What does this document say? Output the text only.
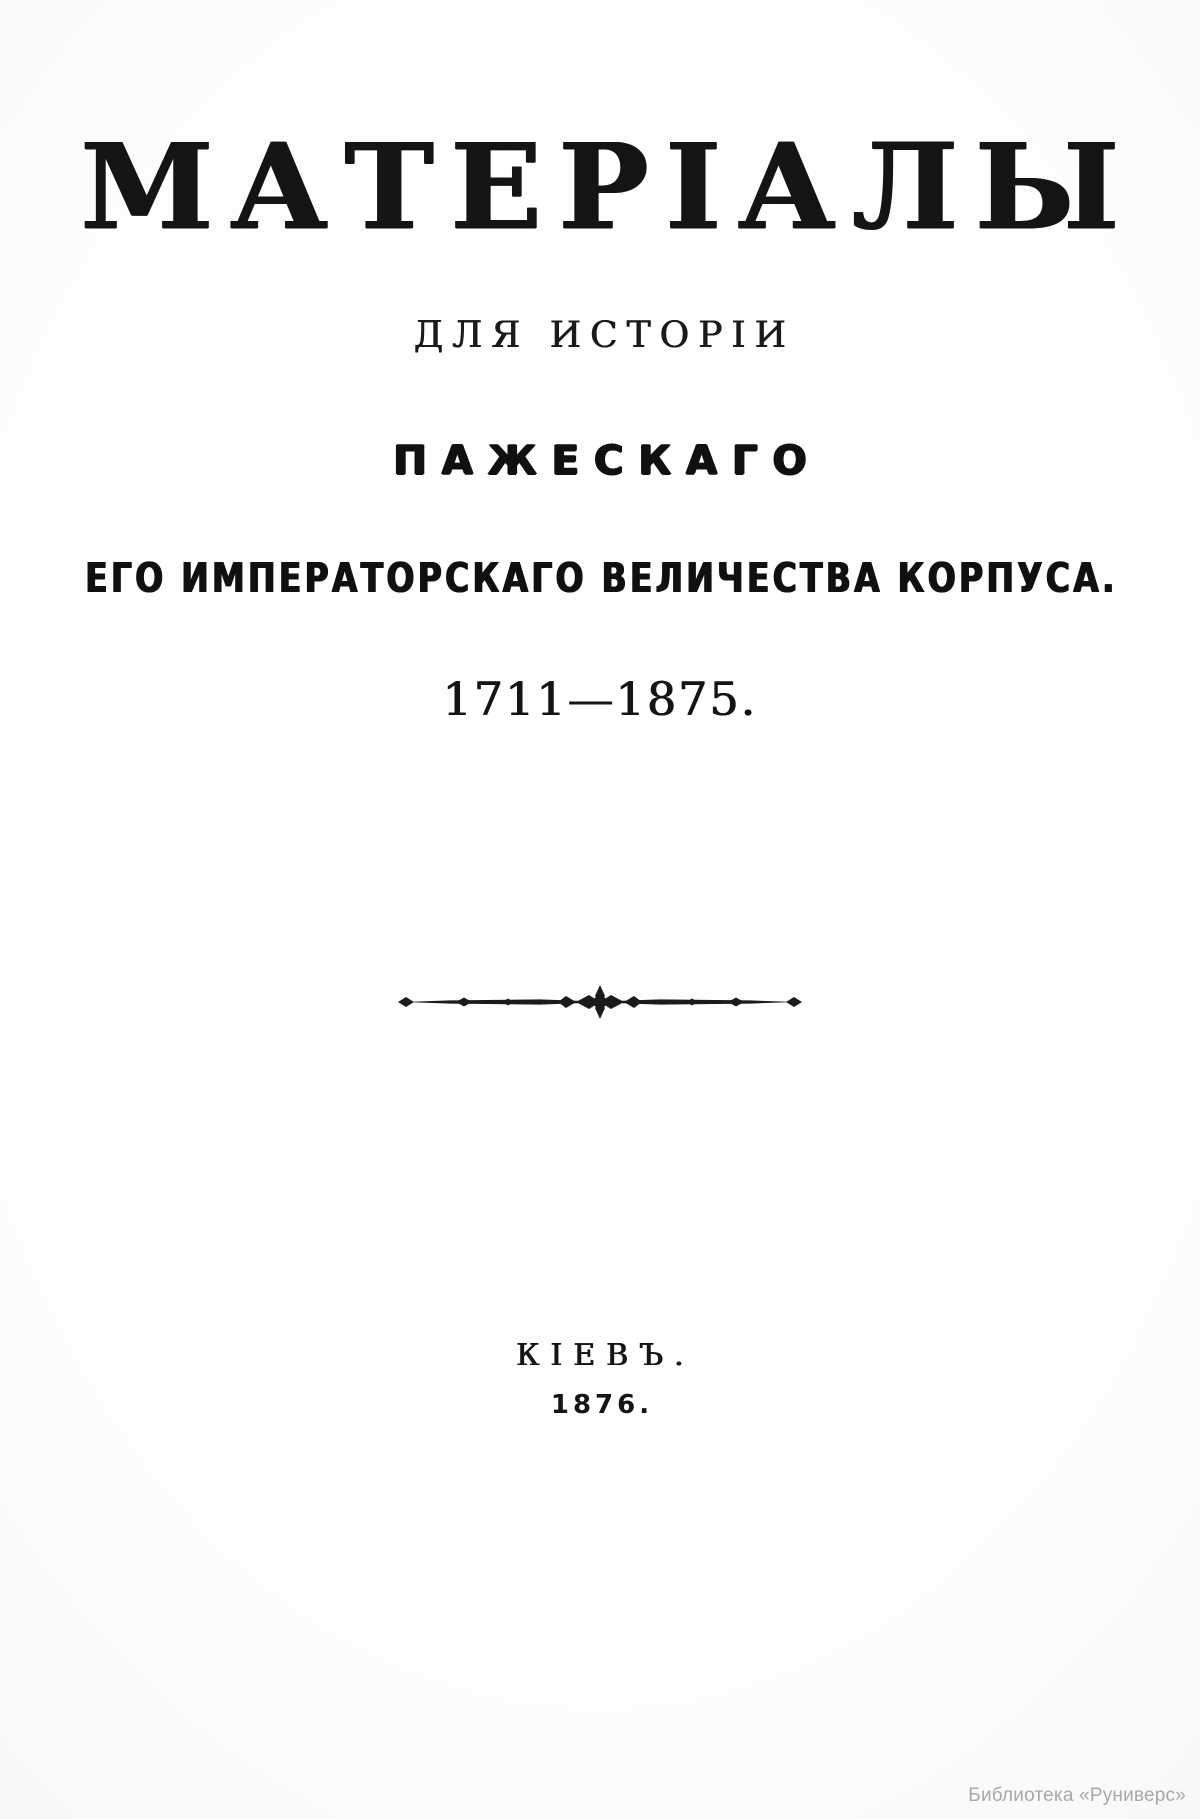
МАТЕРІАЛЫ
ДЛЯ ИСТОРIИ
ПАЖЕСКАГО
ЕГО ИМПЕРАТОРСКАГО ВЕЛИЧЕСТВА КОРПУСА.
1711—1875.
КІЕВЪ.
1876.
Библиотека «Руниверс»
